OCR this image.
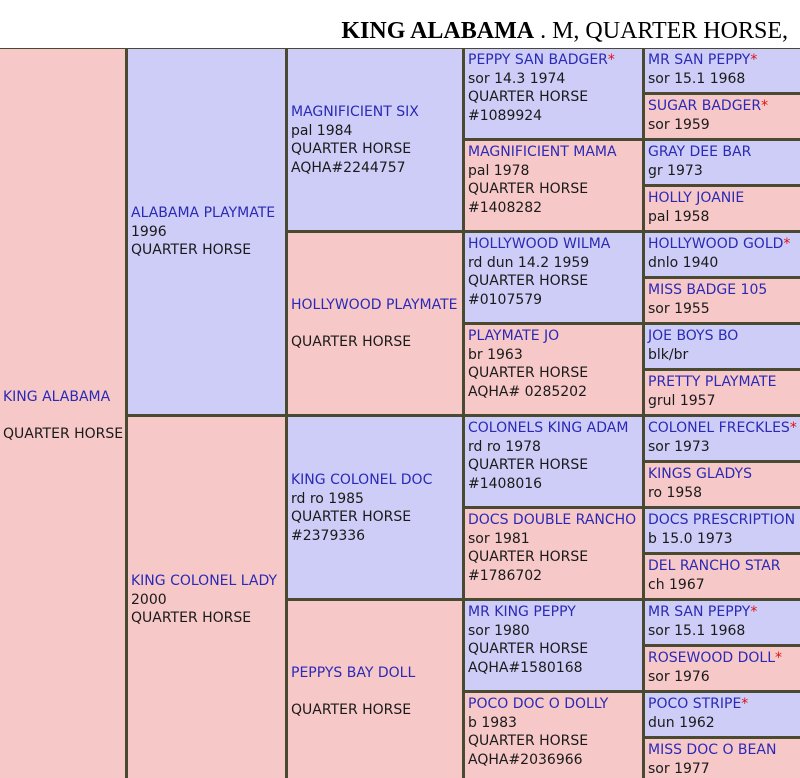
KING ALABAMA . M, QUARTER HORSE,
KING ALABAMA
QUARTER HORSE
ALABAMA PLAYMATE
1996
QUARTER HORSE
KING COLONEL LADY
2000
QUARTER HORSE
MAGNIFICIENT SIX
pal 1984
QUARTER HORSE
AQHA#2244757
HOLLYWOOD PLAYMATE
QUARTER HORSE
KING COLONEL DOC
rd ro 1985
QUARTER HORSE
#2379336
PEPPYS BAY DOLL
QUARTER HORSE
PEPPY SAN BADGER*
sor 14.3 1974
QUARTER HORSE
#1089924
MAGNIFICIENT MAMA
pal 1978
QUARTER HORSE
#1408282
HOLLYWOOD WILMA
rd dun 14.2 1959
QUARTER HORSE
#0107579
PLAYMATE JO
br 1963
QUARTER HORSE
AQHA# 0285202
COLONELS KING ADAM
rd ro 1978
QUARTER HORSE
#1408016
DOCS DOUBLE RANCHO
sor 1981
QUARTER HORSE
#1786702
MR KING PEPPY
sor 1980
QUARTER HORSE
AQHA#1580168
POCO DOC O DOLLY
b 1983
QUARTER HORSE
AQHA#2036966
MR SAN PEPPY*
sor 15.1 1968
SUGAR BADGER*
sor 1959
GRAY DEE BAR
gr 1973
HOLLY JOANIE
pal 1958
HOLLYWOOD GOLD*
dnlo 1940
MISS BADGE 105
sor 1955
JOE BOYS BO
blk/br
PRETTY PLAYMATE
grul 1957
COLONEL FRECKLES*
sor 1973
KINGS GLADYS
ro 1958
DOCS PRESCRIPTION
b 15.0 1973
DEL RANCHO STAR
ch 1967
MR SAN PEPPY*
sor 15.1 1968
ROSEWOOD DOLL*
sor 1976
POCO STRIPE*
dun 1962
MISS DOC O BEAN
sor 1977
